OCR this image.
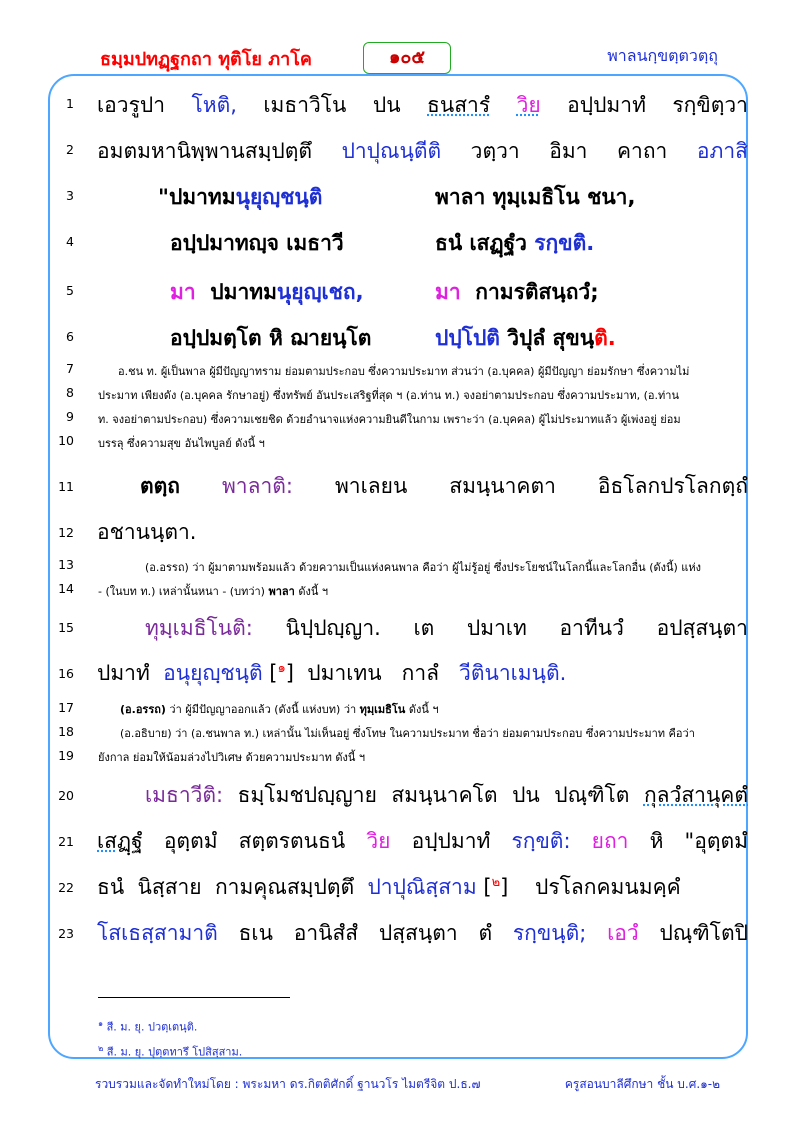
ธมฺมปทฏฺฐกถา ทุติโย ภาโค	๑๐๕	พาลนกฺขตฺตวตฺถุ
1 เอวรูปา โหติ, เมธาวิโน ปน ธนสารํ วิย อปฺปมาทํ รกฺขิตฺวา
2 อมตมหานิพฺพานสมฺปตฺตึ ปาปุณนฺตีติ วตฺวา อิมา คาถา อภาสิ
3	"ปมาทมนุยุญฺชนฺติ	พาลา ทุมฺเมธิโน ชนา,
4	อปฺปมาทญฺจ เมธาวี	ธนํ เสฏฺฐํว รกฺขติ.
5	มา ปมาทมนุยุญฺเชถ,	มา กามรติสนฺถวํ;
6	อปฺปมตฺโต หิ ฌายนฺโต	ปปฺโปติ วิปุลํ สุขนฺติ.
7	อ.ชน ท. ผู้เป็นพาล ผู้มีปัญญาทราม ย่อมตามประกอบ ซึ่งความประมาท ส่วนว่า (อ.บุคคล) ผู้มีปัญญา ย่อมรักษา ซึ่งความไม่
8 ประมาท เพียงดัง (อ.บุคคล รักษาอยู่) ซึ่งทรัพย์ อันประเสริฐที่สุด ฯ (อ.ท่าน ท.) จงอย่าตามประกอบ ซึ่งความประมาท, (อ.ท่าน
9 ท. จงอย่าตามประกอบ) ซึ่งความเชยชิด ด้วยอำนาจแห่งความยินดีในกาม เพราะว่า (อ.บุคคล) ผู้ไม่ประมาทแล้ว ผู้เพ่งอยู่ ย่อม
10 บรรลุ ซึ่งความสุข อันไพบูลย์ ดังนี้ ฯ
11	ตตฺถ พาลาติ: พาเลยน สมนฺนาคตา อิธโลกปรโลกตฺถํ
12 อชานนฺตา.
13	(อ.อรรถ) ว่า ผู้มาตามพร้อมแล้ว ด้วยความเป็นแห่งคนพาล คือว่า ผู้ไม่รู้อยู่ ซึ่งประโยชน์ในโลกนี้และโลกอื่น (ดังนี้) แห่ง
14 - (ในบท ท.) เหล่านั้นหนา - (บทว่า) พาลา ดังนี้ ฯ
15	ทุมฺเมธิโนติ: นิปฺปญฺญา. เต ปมาเท อาทีนวํ อปสฺสนฺตา
16 ปมาทํ  อนุยุญฺชนฺติ [$^๑$]  ปมาเทน   กาลํ   วีตินาเมนฺติ.
17	(อ.อรรถ) ว่า ผู้มีปัญญาออกแล้ว (ดังนี้ แห่งบท) ว่า ทุมฺเมธิโน ดังนี้ ฯ
18	(อ.อธิบาย) ว่า (อ.ชนพาล ท.) เหล่านั้น ไม่เห็นอยู่ ซึ่งโทษ ในความประมาท ชื่อว่า ย่อมตามประกอบ ซึ่งความประมาท คือว่า
19 ยังกาล ย่อมให้น้อมล่วงไปวิเศษ ด้วยความประมาท ดังนี้ ฯ
20	เมธาวีติ: ธมฺโมชปญฺญาย สมนฺนาคโต ปน ปณฺฑิโต กุลวํสานุคตํ
21 เสฏฺฐํ อุตฺตมํ สตฺตรตนธนํ วิย อปฺปมาทํ รกฺขติ: ยถา หิ "อุตฺตมํ
22 ธนํ  นิสฺสาย  กามคุณสมฺปตฺตึ  ปาปุณิสฺสาม [$^๒$]    ปรโลกคมนมคฺคํ
23 โสเธสฺสามาติ ธเน อานิสํสํ ปสฺสนฺตา ตํ รกฺขนฺติ; เอวํ ปณฺฑิโตปิ
$^๑$ สี. ม. ยุ. ปวตฺเตนฺติ.
$^๒$ สี. ม. ยุ. ปุตฺตทารึ โปสิสฺสาม.
รวบรวมและจัดทำใหม่โดย : พระมหา ดร.กิตติศักดิ์ ฐานวโร ไมตรีจิต ป.ธ.๗	ครูสอนบาลีศึกษา ชั้น บ.ศ.๑-๒
